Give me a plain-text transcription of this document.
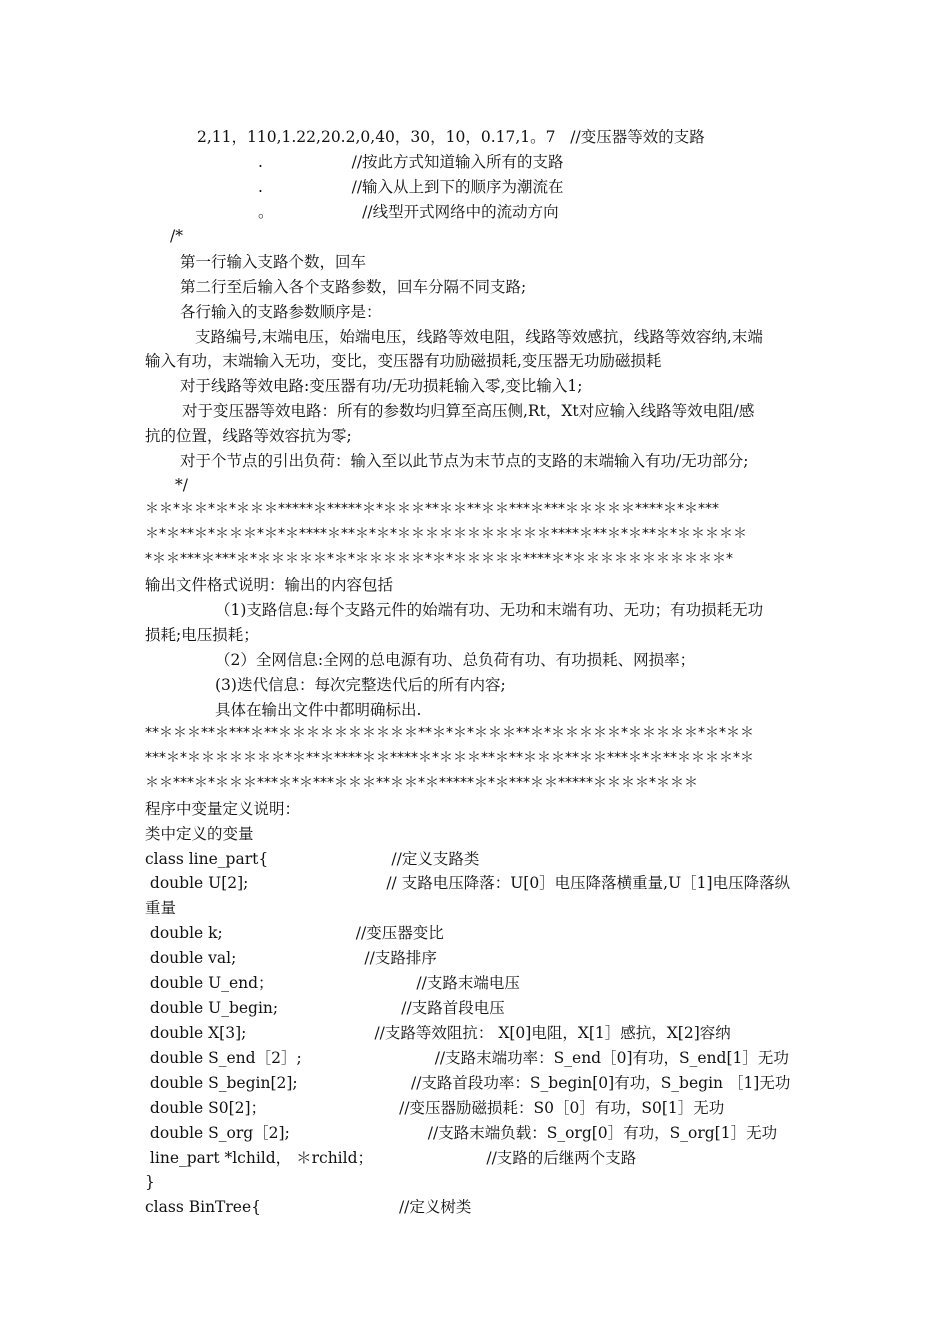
2,11，110,1.22,20.2,0,40，30，10，0.17,1。7   //变压器等效的支路
.                  //按此方式知道输入所有的支路
.                  //输入从上到下的顺序为潮流在
。                  //线型开式网络中的流动方向
/*
第一行输入支路个数，回车
第二行至后输入各个支路参数，回车分隔不同支路;
各行输入的支路参数顺序是：
支路编号,末端电压，始端电压，线路等效电阻，线路等效感抗，线路等效容纳,末端
输入有功，末端输入无功，变比，变压器有功励磁损耗,变压器无功励磁损耗
对于线路等效电路:变压器有功/无功损耗输入零,变比输入1;
对于变压器等效电路：所有的参数均归算至高压侧,Rt，Xt对应输入线路等效电阻/感
抗的位置，线路等效容抗为零;
对于个节点的引出负荷：输入至以此节点为末节点的支路的末端输入有功/无功部分;
*/
＊＊*＊＊*＊*＊＊＊*****＊*****＊*＊＊＊**＊＊**＊＊***＊***＊＊＊＊＊****＊*＊***
＊*＊**＊*＊＊＊*＊*＊****＊**＊*＊*＊＊＊＊＊＊＊＊＊＊＊****＊**＊*＊**＊*＊＊＊＊＊
*＊＊***＊***＊*＊＊＊＊＊*＊*＊＊＊＊＊*＊*＊＊＊＊＊****＊*＊＊＊＊＊＊＊＊＊＊＊*
输出文件格式说明：输出的内容包括
（1)支路信息:每个支路元件的始端有功、无功和末端有功、无功；有功损耗无功
损耗;电压损耗；
（2）全网信息:全网的总电源有功、总负荷有功、有功损耗、网损率；
(3)迭代信息：每次完整迭代后的所有内容;
具体在输出文件中都明确标出.
**＊＊＊**＊***＊**＊＊＊＊＊＊＊＊＊＊**＊*＊*＊＊＊**＊*＊＊＊＊＊*＊＊＊＊＊*＊*＊＊
***＊*＊＊＊＊＊＊＊*＊**＊****＊＊****＊*＊＊＊**＊**＊＊＊**＊＊***＊*＊**＊＊＊＊*＊
＊＊***＊*＊＊＊***＊*＊***＊＊＊**＊＊*＊*****＊*＊***＊＊*****＊＊＊＊*＊＊＊
程序中变量定义说明：
类中定义的变量
class line_part{                         //定义支路类
double U[2];                            // 支路电压降落：U[0］电压降落横重量,U［1]电压降落纵
重量
double k;                           //变压器变比
double val;                          //支路排序
double U_end；                             //支路末端电压
double U_begin;                         //支路首段电压
double X[3];                          //支路等效阻抗： X[0]电阻，X[1］感抗，X[2]容纳
double S_end［2］;                           //支路末端功率：S_end［0]有功，S_end[1］无功
double S_begin[2];                       //支路首段功率：S_begin[0]有功，S_begin ［1]无功
double S0[2]；                           //变压器励磁损耗：S0［0］有功，S0[1］无功
double S_org［2];                            //支路末端负载：S_org[0］有功，S_org[1］无功
line_part *lchild， ＊rchild；                       //支路的后继两个支路
}
class BinTree{                            //定义树类
